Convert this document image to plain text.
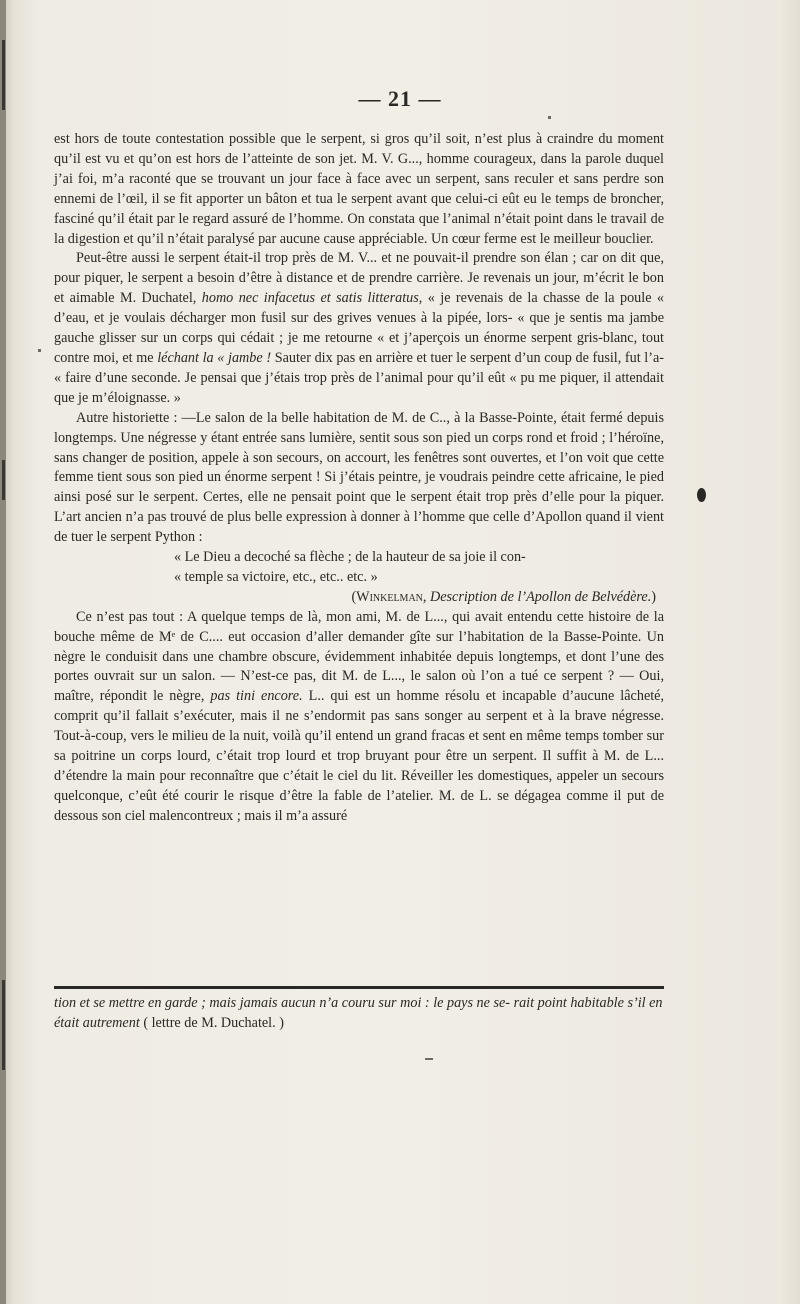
— 21 —

est hors de toute contestation possible que le serpent, si gros qu’il soit, n’est plus à craindre du moment qu’il est vu et qu’on est hors de l’atteinte de son jet. M. V. G..., homme courageux, dans la parole duquel j’ai foi, m’a raconté que se trouvant un jour face à face avec un serpent, sans reculer et sans perdre son ennemi de l’œil, il se fit apporter un bâton et tua le serpent avant que celui-ci eût eu le temps de broncher, fasciné qu’il était par le regard assuré de l’homme. On constata que l’animal n’était point dans le travail de la digestion et qu’il n’était paralysé par aucune cause appréciable. Un cœur ferme est le meilleur bouclier.

Peut-être aussi le serpent était-il trop près de M. V... et ne pouvait-il prendre son élan ; car on dit que, pour piquer, le serpent a besoin d’être à distance et de prendre carrière. Je revenais un jour, m’écrit le bon et aimable M. Duchatel, homo nec infacetus et satis litteratus, « je revenais de la chasse de la poule « d’eau, et je voulais décharger mon fusil sur des grives venues à la pipée, lors- « que je sentis ma jambe gauche glisser sur un corps qui cédait ; je me retourne « et j’aperçois un énorme serpent gris-blanc, tout contre moi, et me léchant la « jambe ! Sauter dix pas en arrière et tuer le serpent d’un coup de fusil, fut l’a- « faire d’une seconde. Je pensai que j’étais trop près de l’animal pour qu’il eût « pu me piquer, il attendait que je m’éloignasse. »

Autre historiette : —Le salon de la belle habitation de M. de C.., à la Basse-Pointe, était fermé depuis longtemps. Une négresse y étant entrée sans lumière, sentit sous son pied un corps rond et froid ; l’héroïne, sans changer de position, appele à son secours, on accourt, les fenêtres sont ouvertes, et l’on voit que cette femme tient sous son pied un énorme serpent ! Si j’étais peintre, je voudrais peindre cette africaine, le pied ainsi posé sur le serpent. Certes, elle ne pensait point que le serpent était trop près d’elle pour la piquer. L’art ancien n’a pas trouvé de plus belle expression à donner à l’homme que celle d’Apollon quand il vient de tuer le serpent Python :

« Le Dieu a decoché sa flèche ; de la hauteur de sa joie il con-
« temple sa victoire, etc., etc.. etc. »
(Winkelman, Description de l’Apollon de Belvédère.)

Ce n’est pas tout : A quelque temps de là, mon ami, M. de L..., qui avait entendu cette histoire de la bouche même de Mᵉ de C.... eut occasion d’aller demander gîte sur l’habitation de la Basse-Pointe. Un nègre le conduisit dans une chambre obscure, évidemment inhabitée depuis longtemps, et dont l’une des portes ouvrait sur un salon. — N’est-ce pas, dit M. de L..., le salon où l’on a tué ce serpent ? — Oui, maître, répondit le nègre, pas tini encore. L.. qui est un homme résolu et incapable d’aucune lâcheté, comprit qu’il fallait s’exécuter, mais il ne s’endormit pas sans songer au serpent et à la brave négresse. Tout-à-coup, vers le milieu de la nuit, voilà qu’il entend un grand fracas et sent en même temps tomber sur sa poitrine un corps lourd, c’était trop lourd et trop bruyant pour être un serpent. Il suffit à M. de L... d’étendre la main pour reconnaître que c’était le ciel du lit. Réveiller les domestiques, appeler un secours quelconque, c’eût été courir le risque d’être la fable de l’atelier. M. de L. se dégagea comme il put de dessous son ciel malencontreux ; mais il m’a assuré

tion et se mettre en garde ; mais jamais aucun n’a couru sur moi : le pays ne se- rait point habitable s’il en était autrement ( lettre de M. Duchatel. )
